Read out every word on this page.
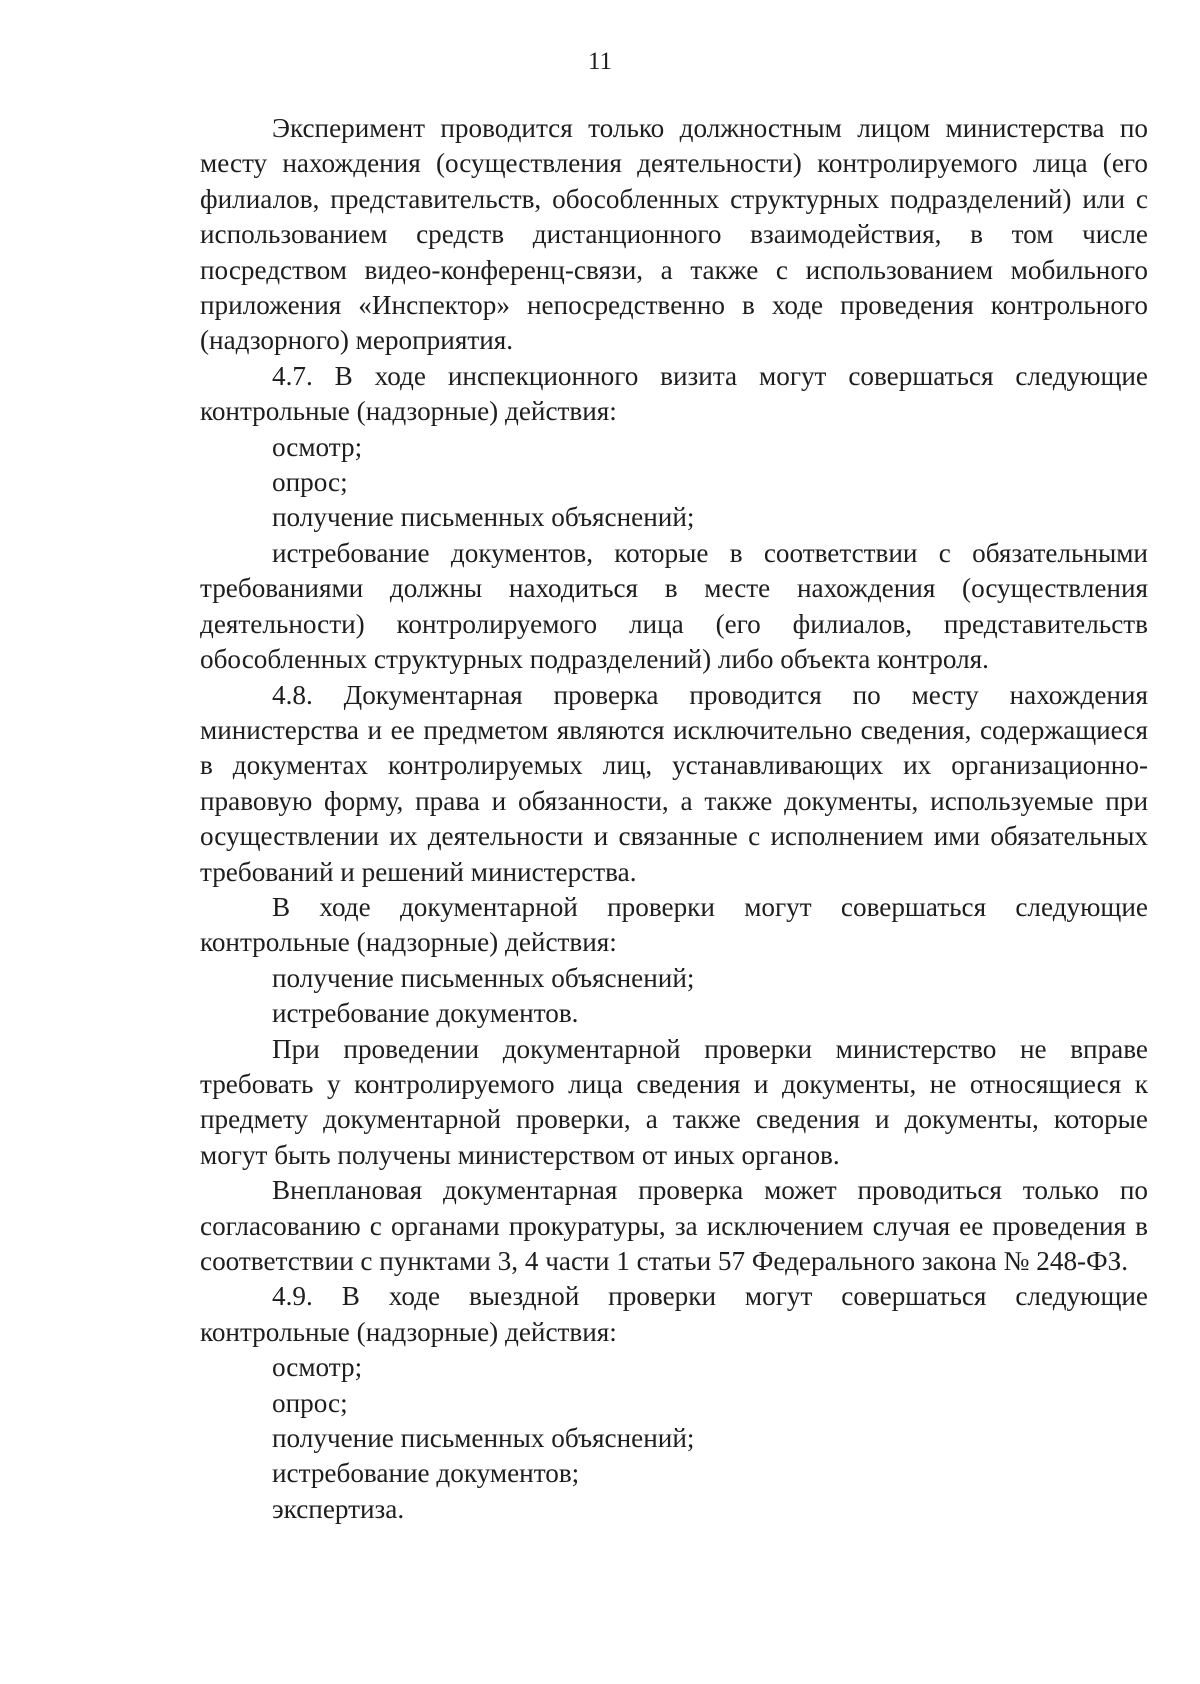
11

Эксперимент проводится только должностным лицом министерства по месту нахождения (осуществления деятельности) контролируемого лица (его филиалов, представительств, обособленных структурных подразделений) или с использованием средств дистанционного взаимодействия, в том числе посредством видео-конференц-связи, а также с использованием мобильного приложения «Инспектор» непосредственно в ходе проведения контрольного (надзорного) мероприятия.

4.7. В ходе инспекционного визита могут совершаться следующие контрольные (надзорные) действия:

осмотр;

опрос;

получение письменных объяснений;

истребование документов, которые в соответствии с обязательными требованиями должны находиться в месте нахождения (осуществления деятельности) контролируемого лица (его филиалов, представительств обособленных структурных подразделений) либо объекта контроля.

4.8. Документарная проверка проводится по месту нахождения министерства и ее предметом являются исключительно сведения, содержащиеся в документах контролируемых лиц, устанавливающих их организационно-правовую форму, права и обязанности, а также документы, используемые при осуществлении их деятельности и связанные с исполнением ими обязательных требований и решений министерства.

В ходе документарной проверки могут совершаться следующие контрольные (надзорные) действия:

получение письменных объяснений;

истребование документов.

При проведении документарной проверки министерство не вправе требовать у контролируемого лица сведения и документы, не относящиеся к предмету документарной проверки, а также сведения и документы, которые могут быть получены министерством от иных органов.

Внеплановая документарная проверка может проводиться только по согласованию с органами прокуратуры, за исключением случая ее проведения в соответствии с пунктами 3, 4 части 1 статьи 57 Федерального закона № 248-ФЗ.

4.9. В ходе выездной проверки могут совершаться следующие контрольные (надзорные) действия:

осмотр;

опрос;

получение письменных объяснений;

истребование документов;

экспертиза.
